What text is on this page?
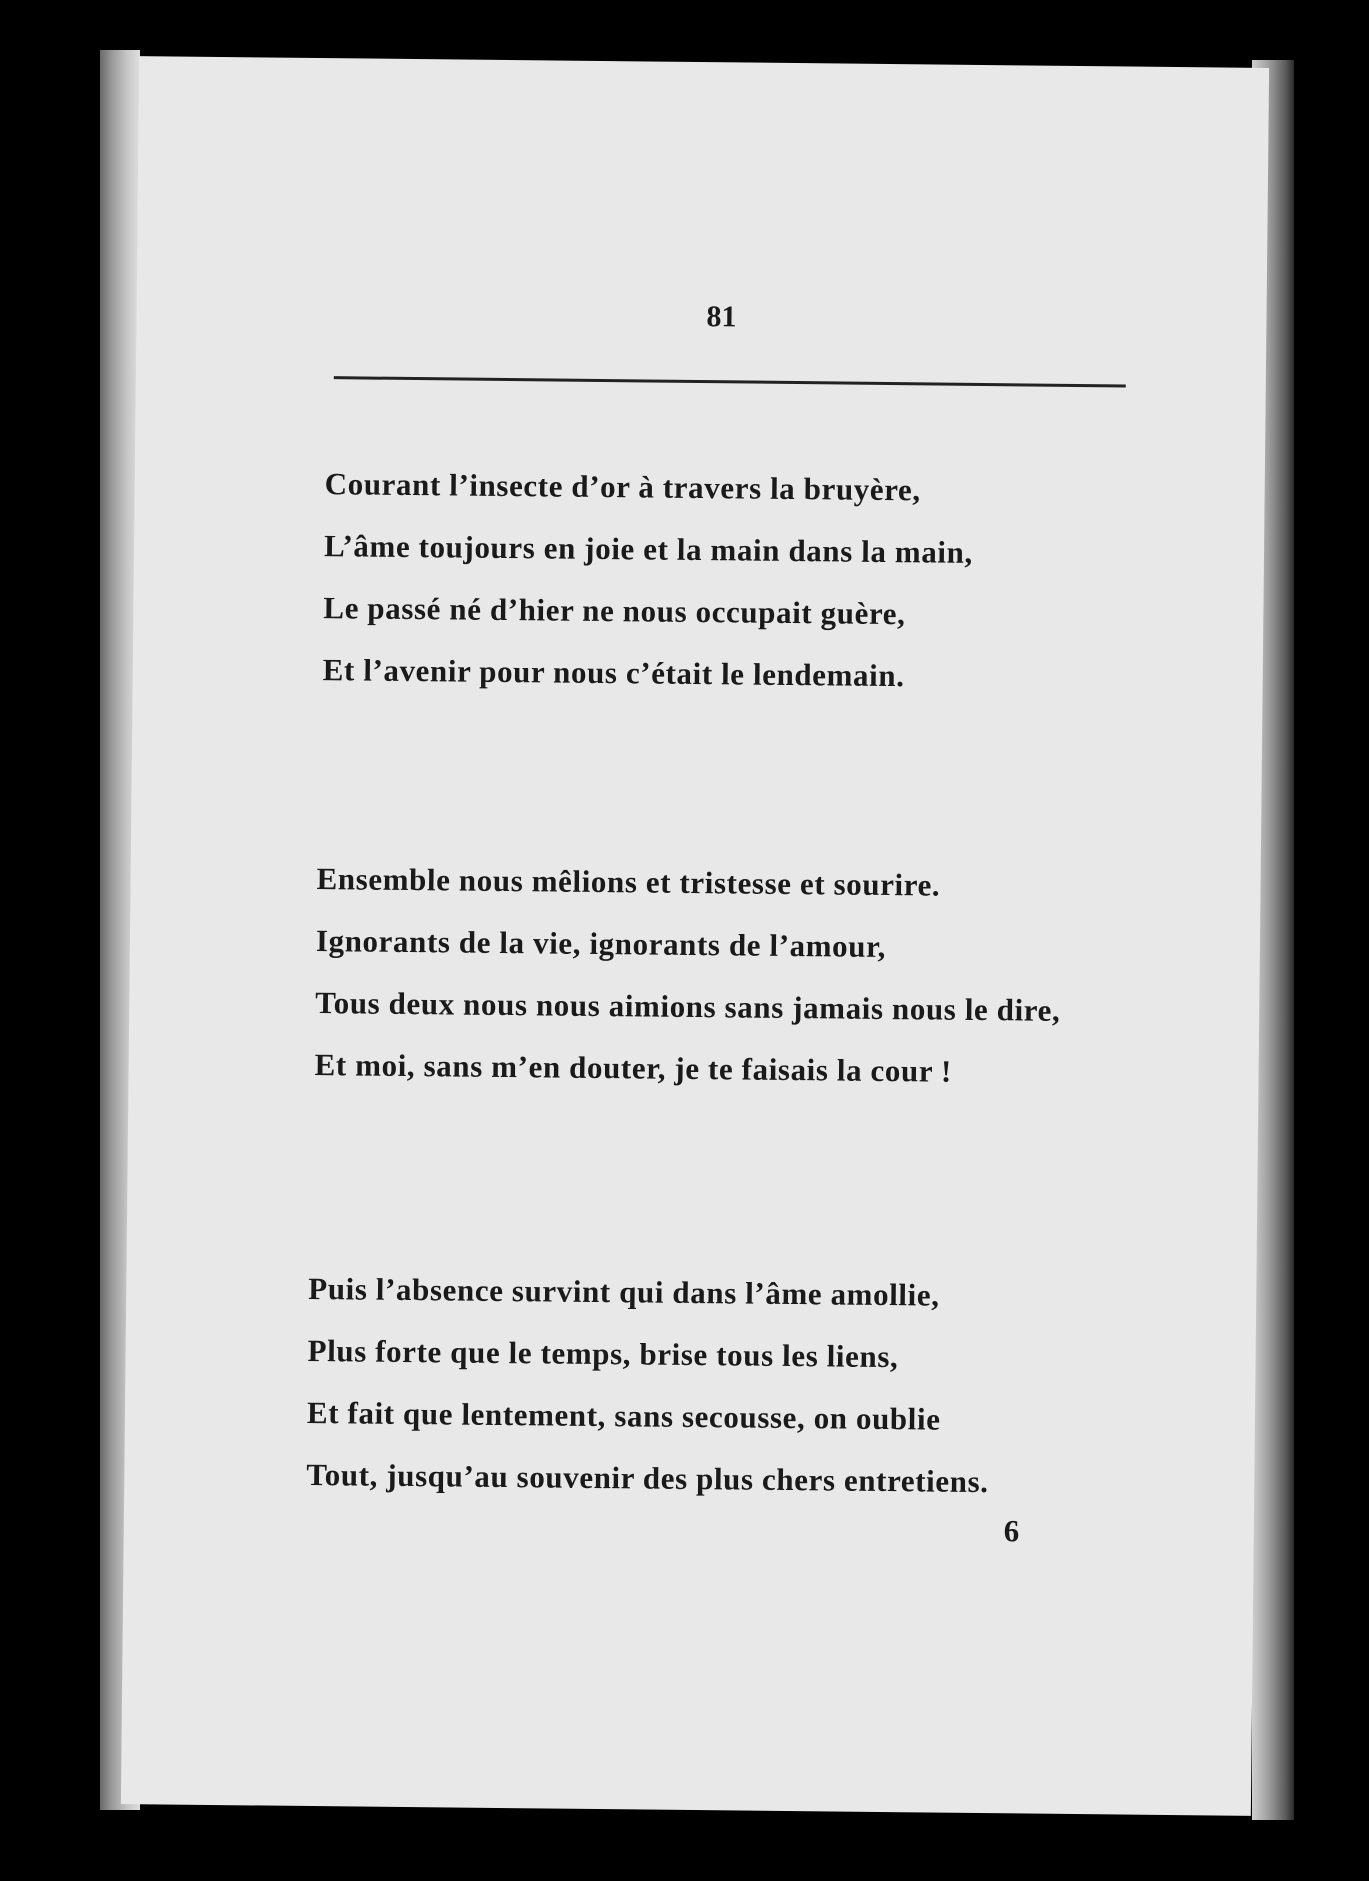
81
Courant l’insecte d’or à travers la bruyère,
L’âme toujours en joie et la main dans la main,
Le passé né d’hier ne nous occupait guère,
Et l’avenir pour nous c’était le lendemain.
Ensemble nous mêlions et tristesse et sourire.
Ignorants de la vie, ignorants de l’amour,
Tous deux nous nous aimions sans jamais nous le dire,
Et moi, sans m’en douter, je te faisais la cour !
Puis l’absence survint qui dans l’âme amollie,
Plus forte que le temps, brise tous les liens,
Et fait que lentement, sans secousse, on oublie
Tout, jusqu’au souvenir des plus chers entretiens.
6
